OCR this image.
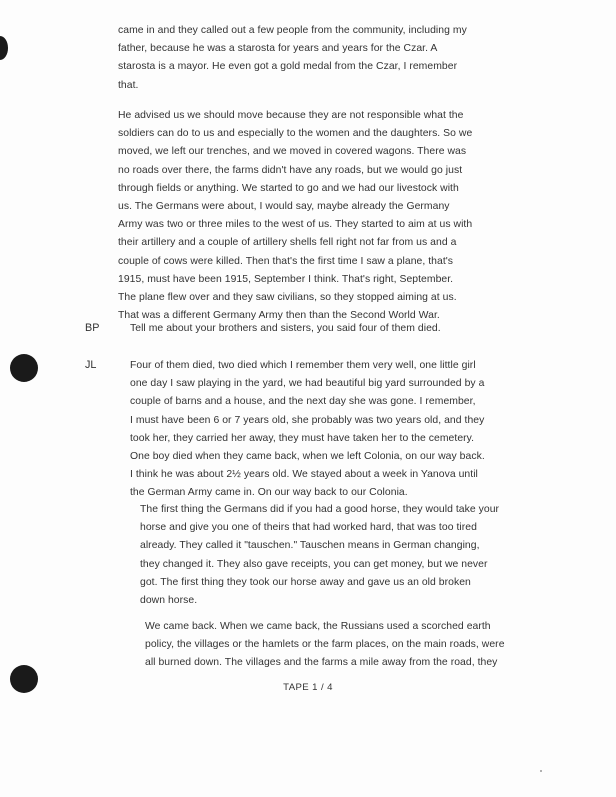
came in and they called out a few people from the community, including my
father, because he was a starosta for years and years for the Czar. A
starosta is a mayor. He even got a gold medal from the Czar, I remember
that.

He advised us we should move because they are not responsible what the
soldiers can do to us and especially to the women and the daughters. So we
moved, we left our trenches, and we moved in covered wagons. There was
no roads over there, the farms didn't have any roads, but we would go just
through fields or anything. We started to go and we had our livestock with
us. The Germans were about, I would say, maybe already the Germany
Army was two or three miles to the west of us. They started to aim at us with
their artillery and a couple of artillery shells fell right not far from us and a
couple of cows were killed. Then that's the first time I saw a plane, that's
1915, must have been 1915, September I think. That's right, September.
The plane flew over and they saw civilians, so they stopped aiming at us.
That was a different Germany Army then than the Second World War.

BP	Tell me about your brothers and sisters, you said four of them died.

JL	Four of them died, two died which I remember them very well, one little girl
one day I saw playing in the yard, we had beautiful big yard surrounded by a
couple of barns and a house, and the next day she was gone. I remember,
I must have been 6 or 7 years old, she probably was two years old, and they
took her, they carried her away, they must have taken her to the cemetery.
One boy died when they came back, when we left Colonia, on our way back.
I think he was about 2½ years old. We stayed about a week in Yanova until
the German Army came in. On our way back to our Colonia.

The first thing the Germans did if you had a good horse, they would take your
horse and give you one of theirs that had worked hard, that was too tired
already. They called it "tauschen." Tauschen means in German changing,
they changed it. They also gave receipts, you can get money, but we never
got. The first thing they took our horse away and gave us an old broken
down horse.

We came back. When we came back, the Russians used a scorched earth
policy, the villages or the hamlets or the farm places, on the main roads, were
all burned down. The villages and the farms a mile away from the road, they

TAPE 1 / 4
